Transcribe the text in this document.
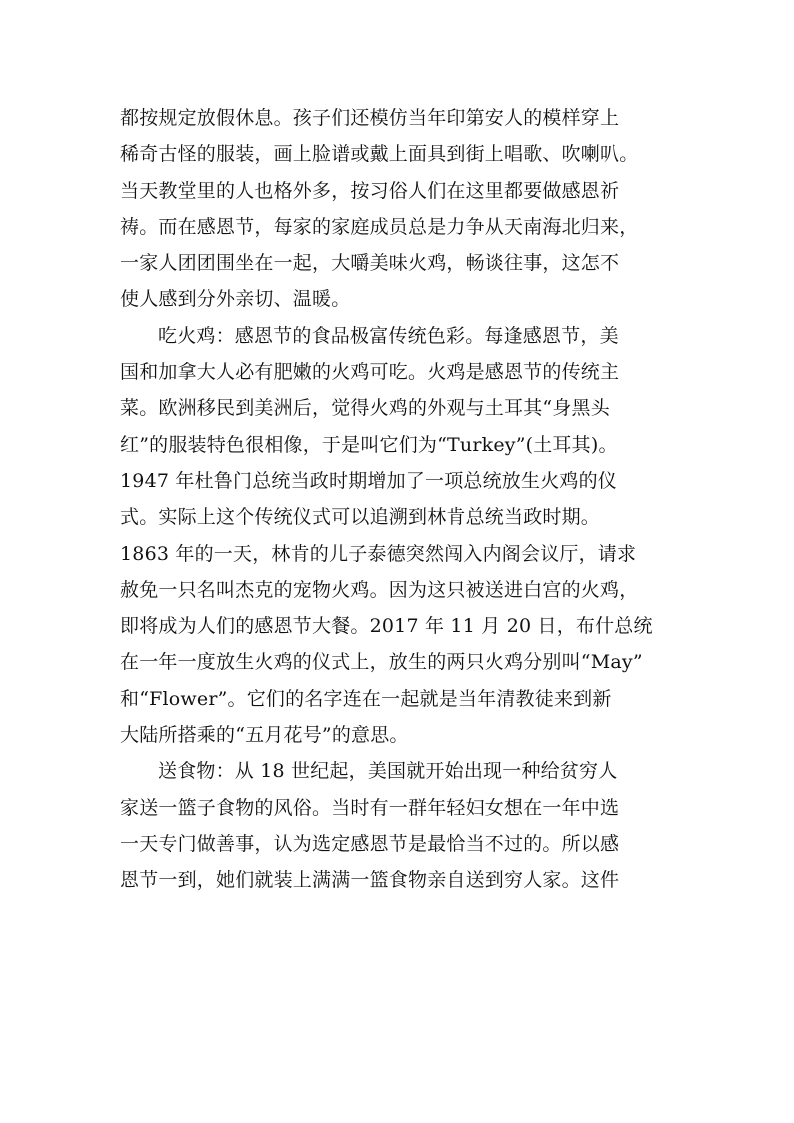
都按规定放假休息。孩子们还模仿当年印第安人的模样穿上
稀奇古怪的服装，画上脸谱或戴上面具到街上唱歌、吹喇叭。
当天教堂里的人也格外多，按习俗人们在这里都要做感恩祈
祷。而在感恩节，每家的家庭成员总是力争从天南海北归来，
一家人团团围坐在一起，大嚼美味火鸡，畅谈往事，这怎不
使人感到分外亲切、温暖。
吃火鸡：感恩节的食品极富传统色彩。每逢感恩节，美
国和加拿大人必有肥嫩的火鸡可吃。火鸡是感恩节的传统主
菜。欧洲移民到美洲后，觉得火鸡的外观与土耳其“身黑头
红”的服装特色很相像，于是叫它们为“Turkey”(土耳其)。
1947 年杜鲁门总统当政时期增加了一项总统放生火鸡的仪
式。实际上这个传统仪式可以追溯到林肯总统当政时期。
1863 年的一天，林肯的儿子泰德突然闯入内阁会议厅，请求
赦免一只名叫杰克的宠物火鸡。因为这只被送进白宫的火鸡，
即将成为人们的感恩节大餐。2017 年 11 月 20 日，布什总统
在一年一度放生火鸡的仪式上，放生的两只火鸡分别叫“May”
和“Flower”。它们的名字连在一起就是当年清教徒来到新
大陆所搭乘的“五月花号”的意思。
送食物：从 18 世纪起，美国就开始出现一种给贫穷人
家送一篮子食物的风俗。当时有一群年轻妇女想在一年中选
一天专门做善事，认为选定感恩节是最恰当不过的。所以感
恩节一到，她们就装上满满一篮食物亲自送到穷人家。这件
